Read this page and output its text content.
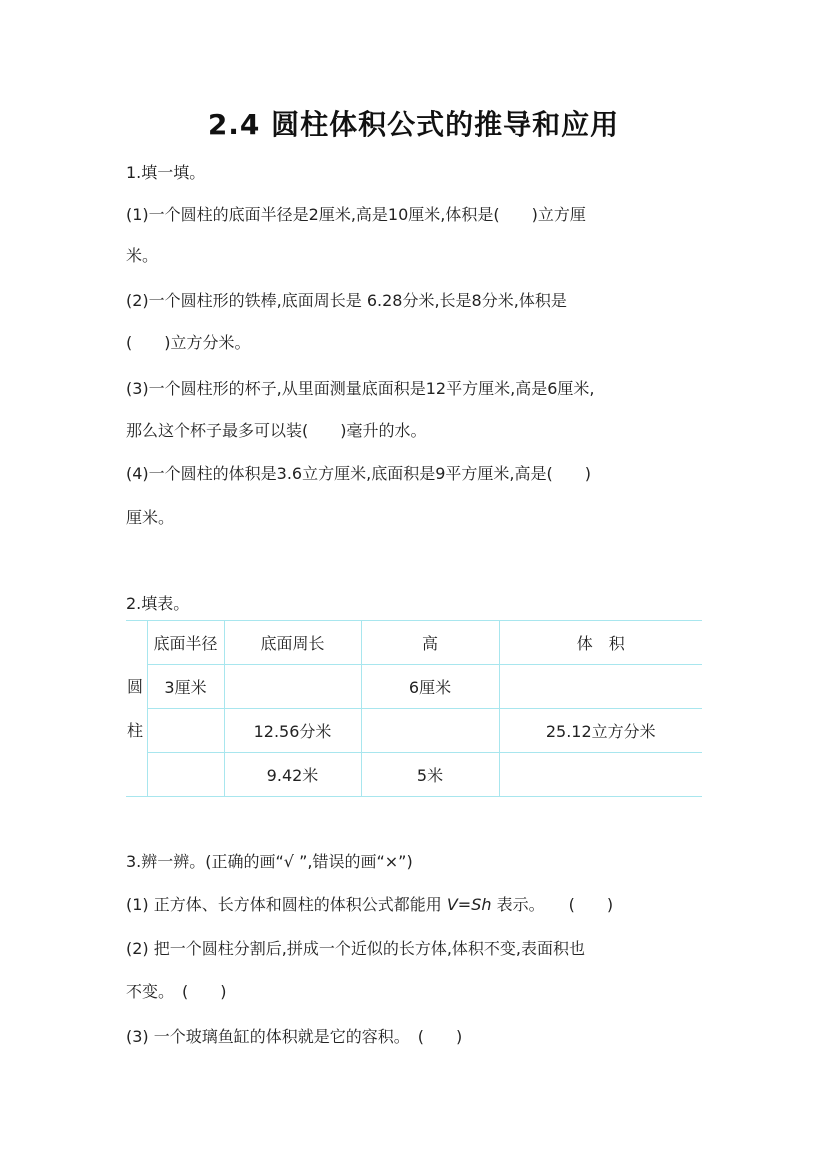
2.4 圆柱体积公式的推导和应用
1.填一填。
(1)一个圆柱的底面半径是2厘米,高是10厘米,体积是(　　)立方厘
米。
(2)一个圆柱形的铁棒,底面周长是 6.28分米,长是8分米,体积是
(　　)立方分米。
(3)一个圆柱形的杯子,从里面测量底面积是12平方厘米,高是6厘米,
那么这个杯子最多可以装(　　)毫升的水。
(4)一个圆柱的体积是3.6立方厘米,底面积是9平方厘米,高是(　　)
厘米。
2.填表。
	底面半径	底面周长	高	体　积

圆	3厘米		6厘米	

柱		12.56分米		25.12立方分米
		9.42米	5米	
3.辨一辨。(正确的画“√ ”,错误的画“×”)
(1) 正方体、长方体和圆柱的体积公式都能用 V=Sh 表示。　　(　　)
(2) 把一个圆柱分割后,拼成一个近似的长方体,体积不变,表面积也
不变。　(　　)
(3) 一个玻璃鱼缸的体积就是它的容积。　(　　)
